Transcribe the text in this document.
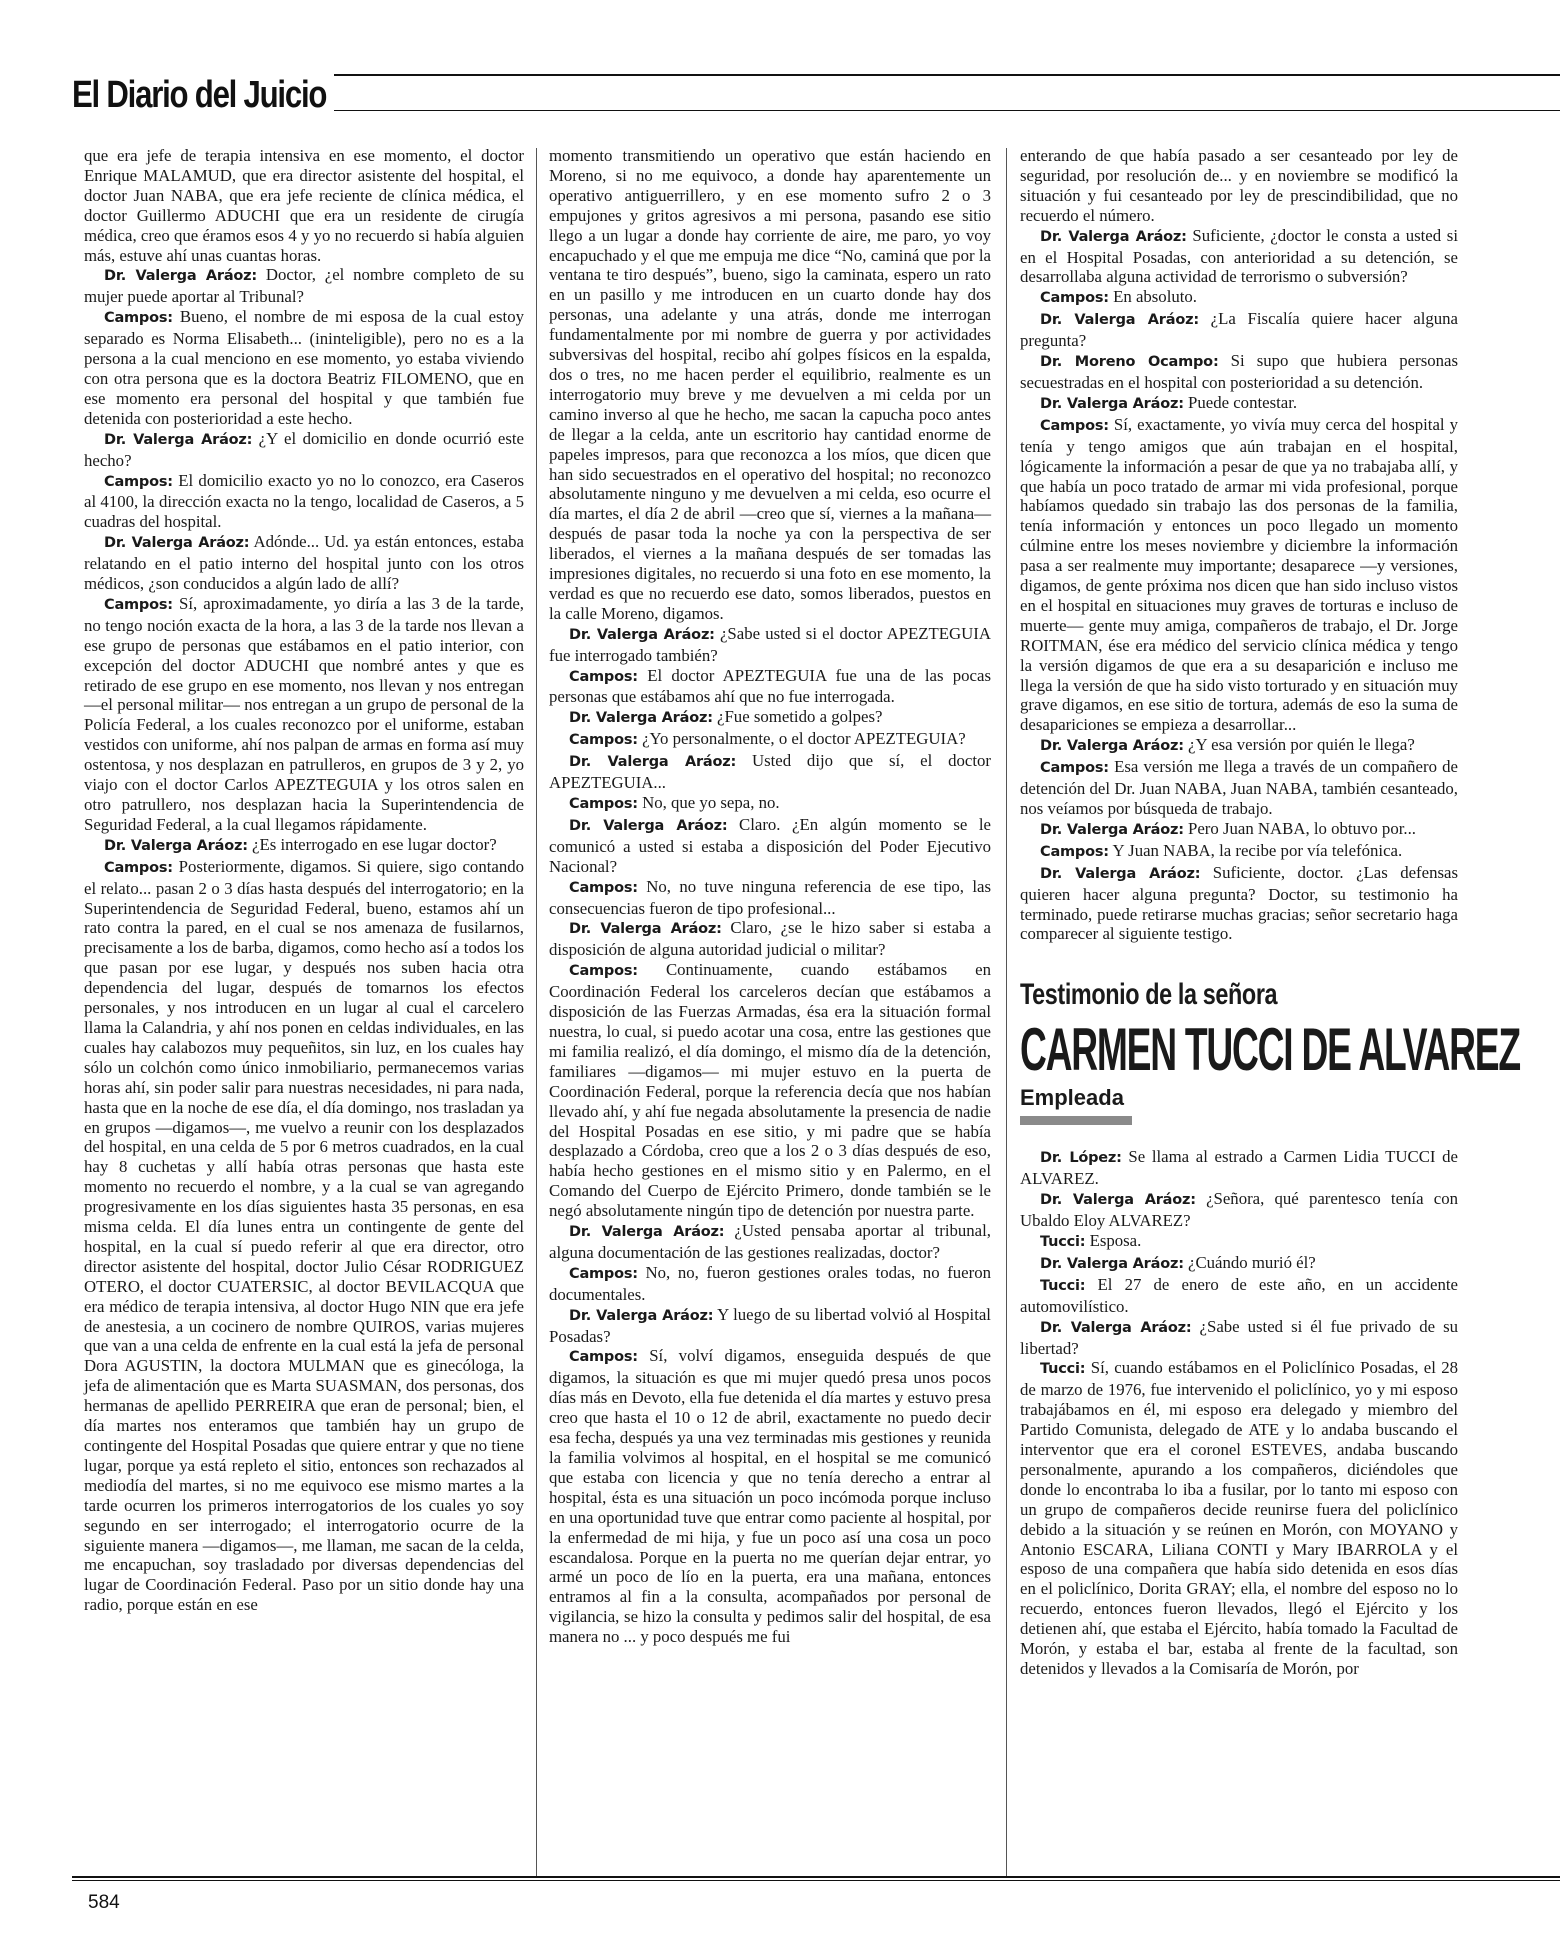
El Diario del Juicio

que era jefe de terapia intensiva en ese momento, el doctor Enrique MALAMUD, que era director asistente del hospital, el doctor Juan NABA, que era jefe reciente de clínica médica, el doctor Guillermo ADUCHI que era un residente de cirugía médica, creo que éramos esos 4 y yo no recuerdo si había alguien más, estuve ahí unas cuantas horas.

Dr. Valerga Aráoz: Doctor, ¿el nombre completo de su mujer puede aportar al Tribunal?

Campos: Bueno, el nombre de mi esposa de la cual estoy separado es Norma Elisabeth... (ininteligible), pero no es a la persona a la cual menciono en ese momento, yo estaba viviendo con otra persona que es la doctora Beatriz FILOMENO, que en ese momento era personal del hospital y que también fue detenida con posterioridad a este hecho.

Dr. Valerga Aráoz: ¿Y el domicilio en donde ocurrió este hecho?

Campos: El domicilio exacto yo no lo conozco, era Caseros al 4100, la dirección exacta no la tengo, localidad de Caseros, a 5 cuadras del hospital.

Dr. Valerga Aráoz: Adónde... Ud. ya están entonces, estaba relatando en el patio interno del hospital junto con los otros médicos, ¿son conducidos a algún lado de allí?

Campos: Sí, aproximadamente, yo diría a las 3 de la tarde, no tengo noción exacta de la hora, a las 3 de la tarde nos llevan a ese grupo de personas que estábamos en el patio interior, con excepción del doctor ADUCHI que nombré antes y que es retirado de ese grupo en ese momento, nos llevan y nos entregan —el personal militar— nos entregan a un grupo de personal de la Policía Federal, a los cuales reconozco por el uniforme, estaban vestidos con uniforme, ahí nos palpan de armas en forma así muy ostentosa, y nos desplazan en patrulleros, en grupos de 3 y 2, yo viajo con el doctor Carlos APEZTEGUIA y los otros salen en otro patrullero, nos desplazan hacia la Superintendencia de Seguridad Federal, a la cual llegamos rápidamente.

Dr. Valerga Aráoz: ¿Es interrogado en ese lugar doctor?

Campos: Posteriormente, digamos. Si quiere, sigo contando el relato... pasan 2 o 3 días hasta después del interrogatorio; en la Superintendencia de Seguridad Federal, bueno, estamos ahí un rato contra la pared, en el cual se nos amenaza de fusilarnos, precisamente a los de barba, digamos, como hecho así a todos los que pasan por ese lugar, y después nos suben hacia otra dependencia del lugar, después de tomarnos los efectos personales, y nos introducen en un lugar al cual el carcelero llama la Calandria, y ahí nos ponen en celdas individuales, en las cuales hay calabozos muy pequeñitos, sin luz, en los cuales hay sólo un colchón como único inmobiliario, permanecemos varias horas ahí, sin poder salir para nuestras necesidades, ni para nada, hasta que en la noche de ese día, el día domingo, nos trasladan ya en grupos —digamos—, me vuelvo a reunir con los desplazados del hospital, en una celda de 5 por 6 metros cuadrados, en la cual hay 8 cuchetas y allí había otras personas que hasta este momento no recuerdo el nombre, y a la cual se van agregando progresivamente en los días siguientes hasta 35 personas, en esa misma celda. El día lunes entra un contingente de gente del hospital, en la cual sí puedo referir al que era director, otro director asistente del hospital, doctor Julio César RODRIGUEZ OTERO, el doctor CUATERSIC, al doctor BEVILACQUA que era médico de terapia intensiva, al doctor Hugo NIN que era jefe de anestesia, a un cocinero de nombre QUIROS, varias mujeres que van a una celda de enfrente en la cual está la jefa de personal Dora AGUSTIN, la doctora MULMAN que es ginecóloga, la jefa de alimentación que es Marta SUASMAN, dos personas, dos hermanas de apellido PERREIRA que eran de personal; bien, el día martes nos enteramos que también hay un grupo de contingente del Hospital Posadas que quiere entrar y que no tiene lugar, porque ya está repleto el sitio, entonces son rechazados al mediodía del martes, si no me equivoco ese mismo martes a la tarde ocurren los primeros interrogatorios de los cuales yo soy segundo en ser interrogado; el interrogatorio ocurre de la siguiente manera —digamos—, me llaman, me sacan de la celda, me encapuchan, soy trasladado por diversas dependencias del lugar de Coordinación Federal. Paso por un sitio donde hay una radio, porque están en ese

momento transmitiendo un operativo que están haciendo en Moreno, si no me equivoco, a donde hay aparentemente un operativo antiguerrillero, y en ese momento sufro 2 o 3 empujones y gritos agresivos a mi persona, pasando ese sitio llego a un lugar a donde hay corriente de aire, me paro, yo voy encapuchado y el que me empuja me dice “No, caminá que por la ventana te tiro después”, bueno, sigo la caminata, espero un rato en un pasillo y me introducen en un cuarto donde hay dos personas, una adelante y una atrás, donde me interrogan fundamentalmente por mi nombre de guerra y por actividades subversivas del hospital, recibo ahí golpes físicos en la espalda, dos o tres, no me hacen perder el equilibrio, realmente es un interrogatorio muy breve y me devuelven a mi celda por un camino inverso al que he hecho, me sacan la capucha poco antes de llegar a la celda, ante un escritorio hay cantidad enorme de papeles impresos, para que reconozca a los míos, que dicen que han sido secuestrados en el operativo del hospital; no reconozco absolutamente ninguno y me devuelven a mi celda, eso ocurre el día martes, el día 2 de abril —creo que sí, viernes a la mañana— después de pasar toda la noche ya con la perspectiva de ser liberados, el viernes a la mañana después de ser tomadas las impresiones digitales, no recuerdo si una foto en ese momento, la verdad es que no recuerdo ese dato, somos liberados, puestos en la calle Moreno, digamos.

Dr. Valerga Aráoz: ¿Sabe usted si el doctor APEZTEGUIA fue interrogado también?

Campos: El doctor APEZTEGUIA fue una de las pocas personas que estábamos ahí que no fue interrogada.

Dr. Valerga Aráoz: ¿Fue sometido a golpes?

Campos: ¿Yo personalmente, o el doctor APEZTEGUIA?

Dr. Valerga Aráoz: Usted dijo que sí, el doctor APEZTEGUIA...

Campos: No, que yo sepa, no.

Dr. Valerga Aráoz: Claro. ¿En algún momento se le comunicó a usted si estaba a disposición del Poder Ejecutivo Nacional?

Campos: No, no tuve ninguna referencia de ese tipo, las consecuencias fueron de tipo profesional...

Dr. Valerga Aráoz: Claro, ¿se le hizo saber si estaba a disposición de alguna autoridad judicial o militar?

Campos: Continuamente, cuando estábamos en Coordinación Federal los carceleros decían que estábamos a disposición de las Fuerzas Armadas, ésa era la situación formal nuestra, lo cual, si puedo acotar una cosa, entre las gestiones que mi familia realizó, el día domingo, el mismo día de la detención, familiares —digamos— mi mujer estuvo en la puerta de Coordinación Federal, porque la referencia decía que nos habían llevado ahí, y ahí fue negada absolutamente la presencia de nadie del Hospital Posadas en ese sitio, y mi padre que se había desplazado a Córdoba, creo que a los 2 o 3 días después de eso, había hecho gestiones en el mismo sitio y en Palermo, en el Comando del Cuerpo de Ejército Primero, donde también se le negó absolutamente ningún tipo de detención por nuestra parte.

Dr. Valerga Aráoz: ¿Usted pensaba aportar al tribunal, alguna documentación de las gestiones realizadas, doctor?

Campos: No, no, fueron gestiones orales todas, no fueron documentales.

Dr. Valerga Aráoz: Y luego de su libertad volvió al Hospital Posadas?

Campos: Sí, volví digamos, enseguida después de que digamos, la situación es que mi mujer quedó presa unos pocos días más en Devoto, ella fue detenida el día martes y estuvo presa creo que hasta el 10 o 12 de abril, exactamente no puedo decir esa fecha, después ya una vez terminadas mis gestiones y reunida la familia volvimos al hospital, en el hospital se me comunicó que estaba con licencia y que no tenía derecho a entrar al hospital, ésta es una situación un poco incómoda porque incluso en una oportunidad tuve que entrar como paciente al hospital, por la enfermedad de mi hija, y fue un poco así una cosa un poco escandalosa. Porque en la puerta no me querían dejar entrar, yo armé un poco de lío en la puerta, era una mañana, entonces entramos al fin a la consulta, acompañados por personal de vigilancia, se hizo la consulta y pedimos salir del hospital, de esa manera no ... y poco después me fui

enterando de que había pasado a ser cesanteado por ley de seguridad, por resolución de... y en noviembre se modificó la situación y fui cesanteado por ley de prescindibilidad, que no recuerdo el número.

Dr. Valerga Aráoz: Suficiente, ¿doctor le consta a usted si en el Hospital Posadas, con anterioridad a su detención, se desarrollaba alguna actividad de terrorismo o subversión?

Campos: En absoluto.

Dr. Valerga Aráoz: ¿La Fiscalía quiere hacer alguna pregunta?

Dr. Moreno Ocampo: Si supo que hubiera personas secuestradas en el hospital con posterioridad a su detención.

Dr. Valerga Aráoz: Puede contestar.

Campos: Sí, exactamente, yo vivía muy cerca del hospital y tenía y tengo amigos que aún trabajan en el hospital, lógicamente la información a pesar de que ya no trabajaba allí, y que había un poco tratado de armar mi vida profesional, porque habíamos quedado sin trabajo las dos personas de la familia, tenía información y entonces un poco llegado un momento cúlmine entre los meses noviembre y diciembre la información pasa a ser realmente muy importante; desaparece —y versiones, digamos, de gente próxima nos dicen que han sido incluso vistos en el hospital en situaciones muy graves de torturas e incluso de muerte— gente muy amiga, compañeros de trabajo, el Dr. Jorge ROITMAN, ése era médico del servicio clínica médica y tengo la versión digamos de que era a su desaparición e incluso me llega la versión de que ha sido visto torturado y en situación muy grave digamos, en ese sitio de tortura, además de eso la suma de desapariciones se empieza a desarrollar...

Dr. Valerga Aráoz: ¿Y esa versión por quién le llega?

Campos: Esa versión me llega a través de un compañero de detención del Dr. Juan NABA, Juan NABA, también cesanteado, nos veíamos por búsqueda de trabajo.

Dr. Valerga Aráoz: Pero Juan NABA, lo obtuvo por...

Campos: Y Juan NABA, la recibe por vía telefónica.

Dr. Valerga Aráoz: Suficiente, doctor. ¿Las defensas quieren hacer alguna pregunta? Doctor, su testimonio ha terminado, puede retirarse muchas gracias; señor secretario haga comparecer al siguiente testigo.

Testimonio de la señora
CARMEN TUCCI DE ALVAREZ
Empleada

Dr. López: Se llama al estrado a Carmen Lidia TUCCI de ALVAREZ.

Dr. Valerga Aráoz: ¿Señora, qué parentesco tenía con Ubaldo Eloy ALVAREZ?

Tucci: Esposa.

Dr. Valerga Aráoz: ¿Cuándo murió él?

Tucci: El 27 de enero de este año, en un accidente automovilístico.

Dr. Valerga Aráoz: ¿Sabe usted si él fue privado de su libertad?

Tucci: Sí, cuando estábamos en el Policlínico Posadas, el 28 de marzo de 1976, fue intervenido el policlínico, yo y mi esposo trabajábamos en él, mi esposo era delegado y miembro del Partido Comunista, delegado de ATE y lo andaba buscando el interventor que era el coronel ESTEVES, andaba buscando personalmente, apurando a los compañeros, diciéndoles que donde lo encontraba lo iba a fusilar, por lo tanto mi esposo con un grupo de compañeros decide reunirse fuera del policlínico debido a la situación y se reúnen en Morón, con MOYANO y Antonio ESCARA, Liliana CONTI y Mary IBARROLA y el esposo de una compañera que había sido detenida en esos días en el policlínico, Dorita GRAY; ella, el nombre del esposo no lo recuerdo, entonces fueron llevados, llegó el Ejército y los detienen ahí, que estaba el Ejército, había tomado la Facultad de Morón, y estaba el bar, estaba al frente de la facultad, son detenidos y llevados a la Comisaría de Morón, por

584
